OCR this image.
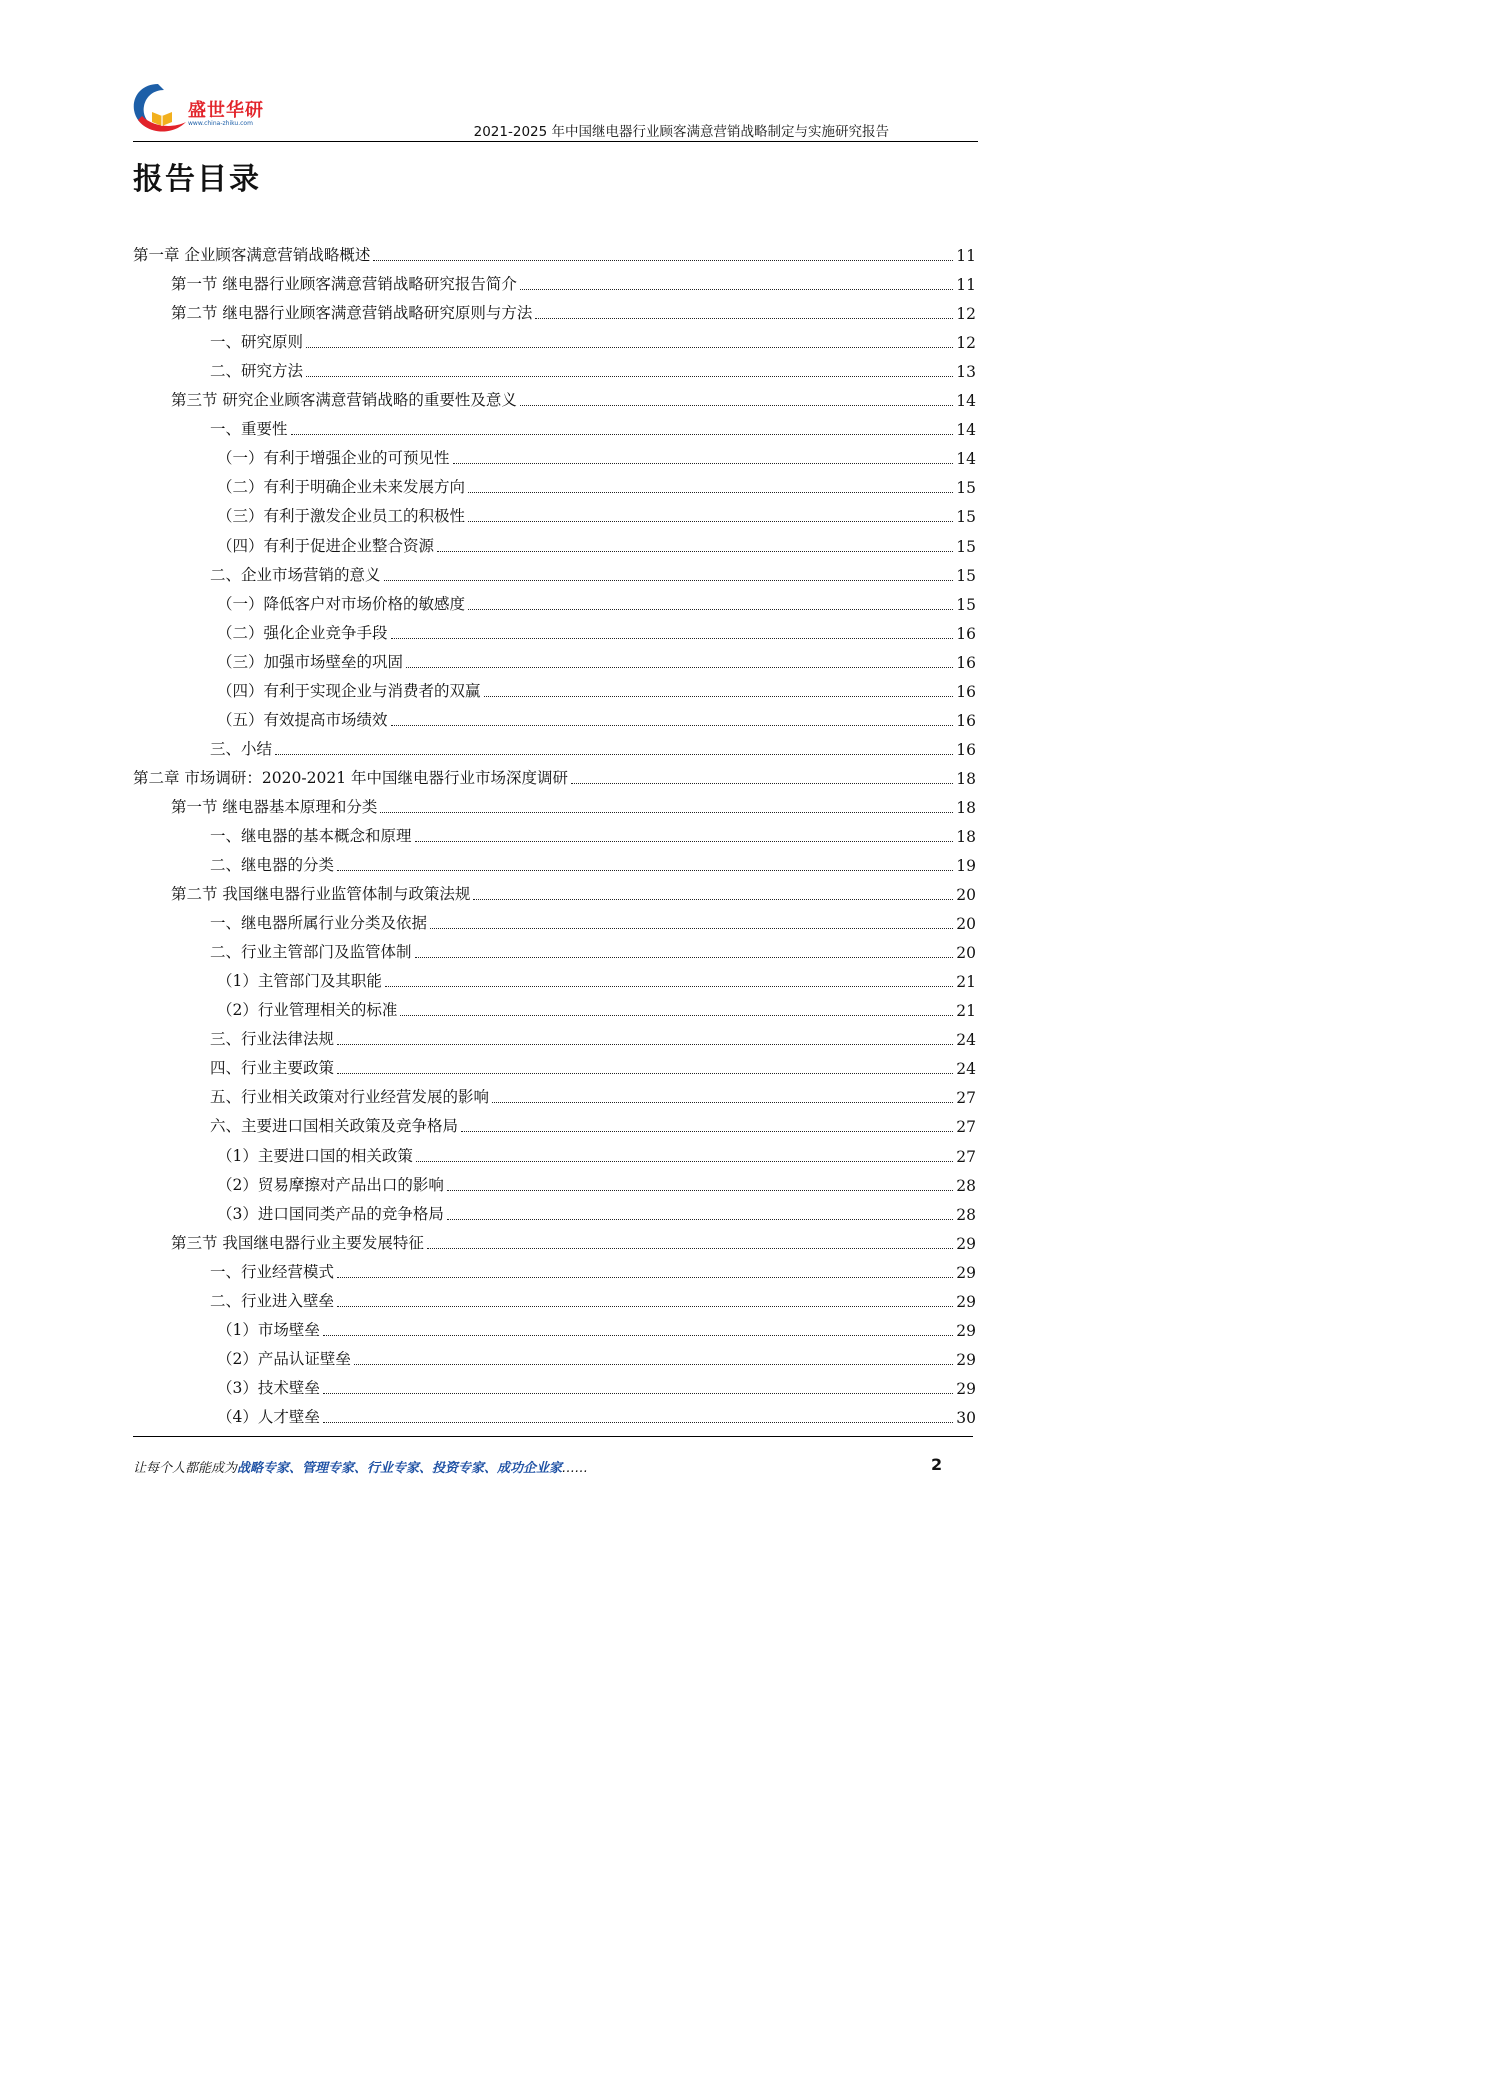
盛世华研
www.china-zhiku.com
2021-2025 年中国继电器行业顾客满意营销战略制定与实施研究报告
报告目录
第一章 企业顾客满意营销战略概述	11
第一节 继电器行业顾客满意营销战略研究报告简介	11
第二节 继电器行业顾客满意营销战略研究原则与方法	12
一、研究原则	12
二、研究方法	13
第三节 研究企业顾客满意营销战略的重要性及意义	14
一、重要性	14
（一）有利于增强企业的可预见性	14
（二）有利于明确企业未来发展方向	15
（三）有利于激发企业员工的积极性	15
（四）有利于促进企业整合资源	15
二、企业市场营销的意义	15
（一）降低客户对市场价格的敏感度	15
（二）强化企业竞争手段	16
（三）加强市场壁垒的巩固	16
（四）有利于实现企业与消费者的双赢	16
（五）有效提高市场绩效	16
三、小结	16
第二章 市场调研：2020-2021 年中国继电器行业市场深度调研	18
第一节 继电器基本原理和分类	18
一、继电器的基本概念和原理	18
二、继电器的分类	19
第二节 我国继电器行业监管体制与政策法规	20
一、继电器所属行业分类及依据	20
二、行业主管部门及监管体制	20
（1）主管部门及其职能	21
（2）行业管理相关的标准	21
三、行业法律法规	24
四、行业主要政策	24
五、行业相关政策对行业经营发展的影响	27
六、主要进口国相关政策及竞争格局	27
（1）主要进口国的相关政策	27
（2）贸易摩擦对产品出口的影响	28
（3）进口国同类产品的竞争格局	28
第三节 我国继电器行业主要发展特征	29
一、行业经营模式	29
二、行业进入壁垒	29
（1）市场壁垒	29
（2）产品认证壁垒	29
（3）技术壁垒	29
（4）人才壁垒	30
让每个人都能成为战略专家、管理专家、行业专家、投资专家、成功企业家……	2
